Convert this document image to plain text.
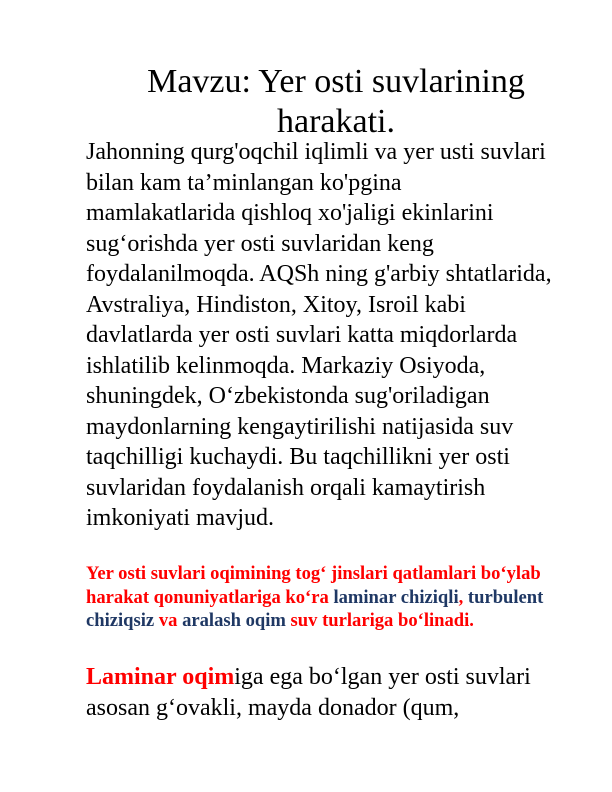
Mavzu: Yer osti suvlarining harakati.

Jahonning qurg'oqchil iqlimli va yer usti suvlari bilan kam ta’minlangan ko'pgina mamlakatlarida qishloq xo'jaligi ekinlarini sug‘orishda yer osti suvlaridan keng foydalanilmoqda. AQSh ning g'arbiy shtatlarida, Avstraliya, Hindiston, Xitoy, Isroil kabi davlatlarda yer osti suvlari katta miqdorlarda ishlatilib kelinmoqda. Markaziy Osiyoda, shuningdek, O‘zbekistonda sug'oriladigan maydonlarning kengaytirilishi natijasida suv taqchilligi kuchaydi. Bu taqchillikni yer osti suvlaridan foydalanish orqali kamaytirish imkoniyati mavjud.

Yer osti suvlari oqimining tog‘ jinslari qatlamlari bo‘ylab harakat qonuniyatlariga ko‘ra laminar chiziqli, turbulent chiziqsiz va aralash oqim suv turlariga bo‘linadi.

Laminar oqimiga ega bo‘lgan yer osti suvlari asosan g‘ovakli, mayda donador (qum,
